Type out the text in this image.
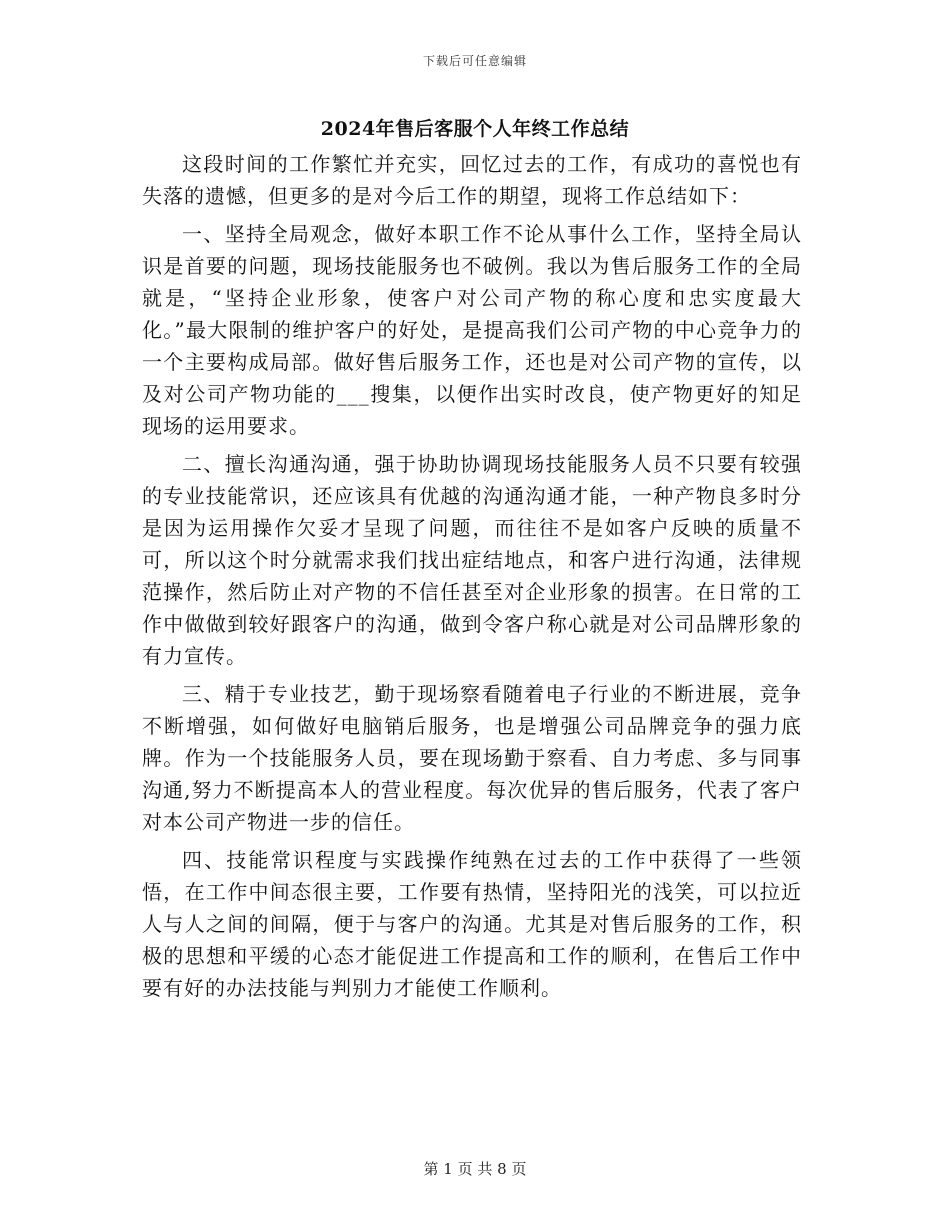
下载后可任意编辑
2024年售后客服个人年终工作总结

这段时间的工作繁忙并充实，回忆过去的工作，有成功的喜悦也有失落的遗憾，但更多的是对今后工作的期望，现将工作总结如下：

一、坚持全局观念，做好本职工作不论从事什么工作，坚持全局认识是首要的问题，现场技能服务也不破例。我以为售后服务工作的全局就是，“坚持企业形象，使客户对公司产物的称心度和忠实度最大化。”最大限制的维护客户的好处，是提高我们公司产物的中心竞争力的一个主要构成局部。做好售后服务工作，还也是对公司产物的宣传，以及对公司产物功能的___搜集，以便作出实时改良，使产物更好的知足现场的运用要求。

二、擅长沟通沟通，强于协助协调现场技能服务人员不只要有较强的专业技能常识，还应该具有优越的沟通沟通才能，一种产物良多时分是因为运用操作欠妥才呈现了问题，而往往不是如客户反映的质量不可，所以这个时分就需求我们找出症结地点，和客户进行沟通，法律规范操作，然后防止对产物的不信任甚至对企业形象的损害。在日常的工作中做做到较好跟客户的沟通，做到令客户称心就是对公司品牌形象的有力宣传。

三、精于专业技艺，勤于现场察看随着电子行业的不断进展，竞争不断增强，如何做好电脑销后服务，也是增强公司品牌竞争的强力底牌。作为一个技能服务人员，要在现场勤于察看、自力考虑、多与同事沟通,努力不断提高本人的营业程度。每次优异的售后服务，代表了客户对本公司产物进一步的信任。

四、技能常识程度与实践操作纯熟在过去的工作中获得了一些领悟，在工作中间态很主要，工作要有热情，坚持阳光的浅笑，可以拉近人与人之间的间隔，便于与客户的沟通。尤其是对售后服务的工作，积极的思想和平缓的心态才能促进工作提高和工作的顺利，在售后工作中要有好的办法技能与判别力才能使工作顺利。

第 1 页 共 8 页
